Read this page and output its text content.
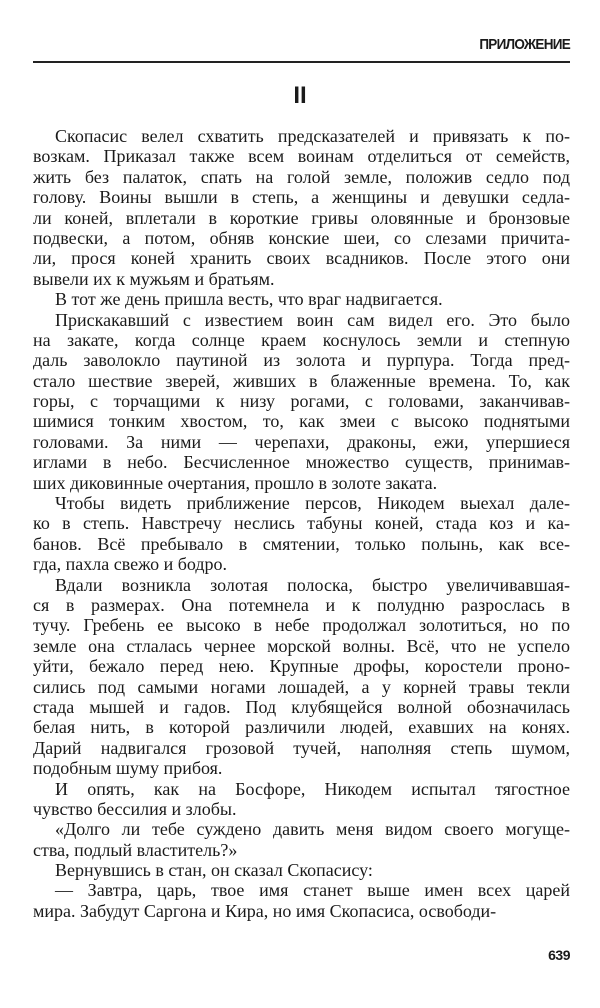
ПРИЛОЖЕНИЕ
II
Скопасис велел схватить предсказателей и привязать к по-
возкам. Приказал также всем воинам отделиться от семейств,
жить без палаток, спать на голой земле, положив седло под
голову. Воины вышли в степь, а женщины и девушки седла-
ли коней, вплетали в короткие гривы оловянные и бронзовые
подвески, а потом, обняв конские шеи, со слезами причита-
ли, прося коней хранить своих всадников. После этого они
вывели их к мужьям и братьям.
В тот же день пришла весть, что враг надвигается.
Прискакавший с известием воин сам видел его. Это было
на закате, когда солнце краем коснулось земли и степную
даль заволокло паутиной из золота и пурпура. Тогда пред-
стало шествие зверей, живших в блаженные времена. То, как
горы, с торчащими к низу рогами, с головами, заканчивав-
шимися тонким хвостом, то, как змеи с высоко поднятыми
головами. За ними — черепахи, драконы, ежи, упершиеся
иглами в небо. Бесчисленное множество существ, принимав-
ших диковинные очертания, прошло в золоте заката.
Чтобы видеть приближение персов, Никодем выехал дале-
ко в степь. Навстречу неслись табуны коней, стада коз и ка-
банов. Всё пребывало в смятении, только полынь, как все-
гда, пахла свежо и бодро.
Вдали возникла золотая полоска, быстро увеличивавшая-
ся в размерах. Она потемнела и к полудню разрослась в
тучу. Гребень ее высоко в небе продолжал золотиться, но по
земле она стлалась чернее морской волны. Всё, что не успело
уйти, бежало перед нею. Крупные дрофы, коростели проно-
сились под самыми ногами лошадей, а у корней травы текли
стада мышей и гадов. Под клубящейся волной обозначилась
белая нить, в которой различили людей, ехавших на конях.
Дарий надвигался грозовой тучей, наполняя степь шумом,
подобным шуму прибоя.
И опять, как на Босфоре, Никодем испытал тягостное
чувство бессилия и злобы.
«Долго ли тебе суждено давить меня видом своего могуще-
ства, подлый властитель?»
Вернувшись в стан, он сказал Скопасису:
— Завтра, царь, твое имя станет выше имен всех царей
мира. Забудут Саргона и Кира, но имя Скопасиса, освободи-
639
